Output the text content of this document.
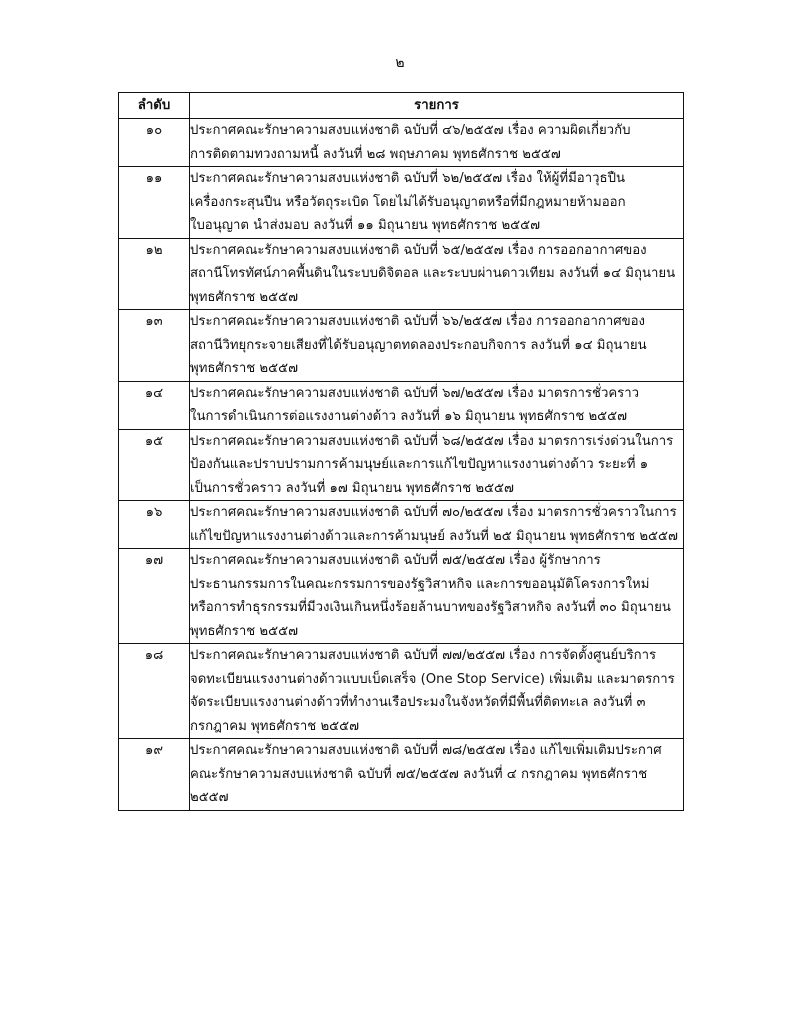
๒
ลำดับ	รายการ
๑๐	ประกาศคณะรักษาความสงบแห่งชาติ ฉบับที่ ๔๖/๒๕๕๗ เรื่อง ความผิดเกี่ยวกับ
การติดตามทวงถามหนี้ ลงวันที่ ๒๘ พฤษภาคม พุทธศักราช ๒๕๕๗

๑๑	ประกาศคณะรักษาความสงบแห่งชาติ ฉบับที่ ๖๒/๒๕๕๗ เรื่อง ให้ผู้ที่มีอาวุธปืน
เครื่องกระสุนปืน หรือวัตถุระเบิด โดยไม่ได้รับอนุญาตหรือที่มีกฎหมายห้ามออก
ใบอนุญาต นำส่งมอบ ลงวันที่ ๑๑ มิถุนายน พุทธศักราช ๒๕๕๗

๑๒	ประกาศคณะรักษาความสงบแห่งชาติ ฉบับที่ ๖๕/๒๕๕๗ เรื่อง การออกอากาศของ
สถานีโทรทัศน์ภาคพื้นดินในระบบดิจิตอล และระบบผ่านดาวเทียม ลงวันที่ ๑๔ มิถุนายน
พุทธศักราช ๒๕๕๗

๑๓	ประกาศคณะรักษาความสงบแห่งชาติ ฉบับที่ ๖๖/๒๕๕๗ เรื่อง การออกอากาศของ
สถานีวิทยุกระจายเสียงที่ได้รับอนุญาตทดลองประกอบกิจการ ลงวันที่ ๑๔ มิถุนายน
พุทธศักราช ๒๕๕๗

๑๔	ประกาศคณะรักษาความสงบแห่งชาติ ฉบับที่ ๖๗/๒๕๕๗ เรื่อง มาตรการชั่วคราว
ในการดำเนินการต่อแรงงานต่างด้าว ลงวันที่ ๑๖ มิถุนายน พุทธศักราช ๒๕๕๗

๑๕	ประกาศคณะรักษาความสงบแห่งชาติ ฉบับที่ ๖๘/๒๕๕๗ เรื่อง มาตรการเร่งด่วนในการ
ป้องกันและปราบปรามการค้ามนุษย์และการแก้ไขปัญหาแรงงานต่างด้าว ระยะที่ ๑
เป็นการชั่วคราว ลงวันที่ ๑๗ มิถุนายน พุทธศักราช ๒๕๕๗

๑๖	ประกาศคณะรักษาความสงบแห่งชาติ ฉบับที่ ๗๐/๒๕๕๗ เรื่อง มาตรการชั่วคราวในการ
แก้ไขปัญหาแรงงานต่างด้าวและการค้ามนุษย์ ลงวันที่ ๒๕ มิถุนายน พุทธศักราช ๒๕๕๗

๑๗	ประกาศคณะรักษาความสงบแห่งชาติ ฉบับที่ ๗๕/๒๕๕๗ เรื่อง ผู้รักษาการ
ประธานกรรมการในคณะกรรมการของรัฐวิสาหกิจ และการขออนุมัติโครงการใหม่
หรือการทำธุรกรรมที่มีวงเงินเกินหนึ่งร้อยล้านบาทของรัฐวิสาหกิจ ลงวันที่ ๓๐ มิถุนายน
พุทธศักราช ๒๕๕๗

๑๘	ประกาศคณะรักษาความสงบแห่งชาติ ฉบับที่ ๗๗/๒๕๕๗ เรื่อง การจัดตั้งศูนย์บริการ
จดทะเบียนแรงงานต่างด้าวแบบเบ็ดเสร็จ (One Stop Service) เพิ่มเติม และมาตรการ
จัดระเบียบแรงงานต่างด้าวที่ทำงานเรือประมงในจังหวัดที่มีพื้นที่ติดทะเล ลงวันที่ ๓
กรกฎาคม พุทธศักราช ๒๕๕๗

๑๙	ประกาศคณะรักษาความสงบแห่งชาติ ฉบับที่ ๗๘/๒๕๕๗ เรื่อง แก้ไขเพิ่มเติมประกาศ
คณะรักษาความสงบแห่งชาติ ฉบับที่ ๗๕/๒๕๕๗ ลงวันที่ ๔ กรกฎาคม พุทธศักราช
๒๕๕๗
